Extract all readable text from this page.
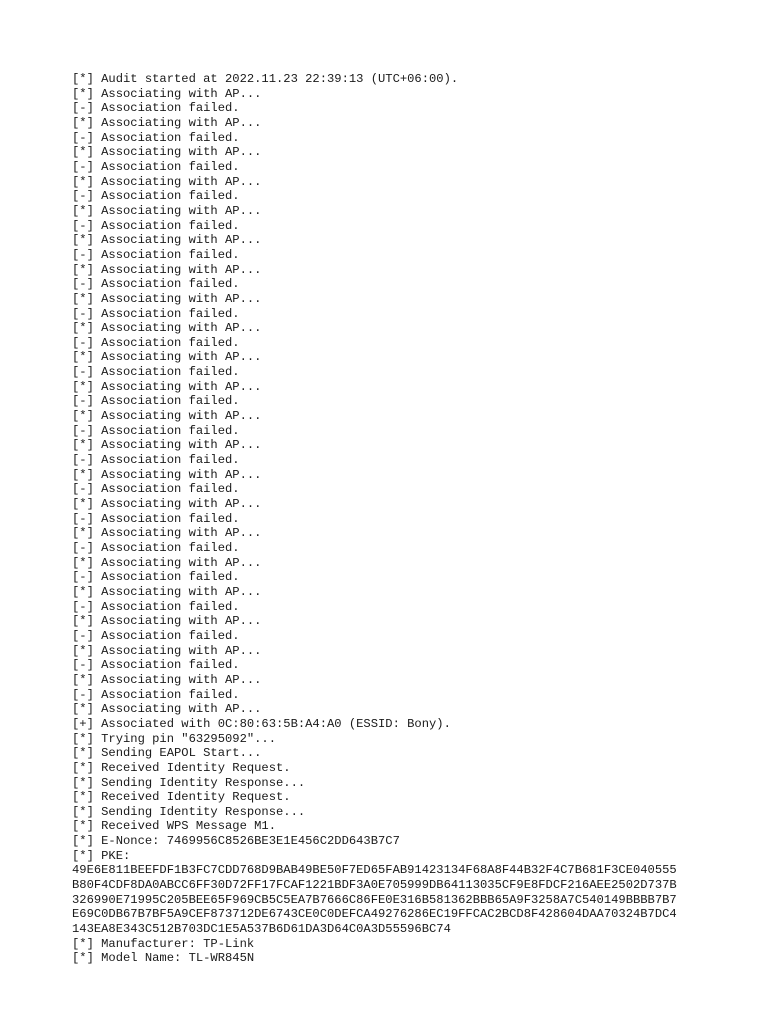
[*] Audit started at 2022.11.23 22:39:13 (UTC+06:00).
[*] Associating with AP...
[-] Association failed.
[*] Associating with AP...
[-] Association failed.
[*] Associating with AP...
[-] Association failed.
[*] Associating with AP...
[-] Association failed.
[*] Associating with AP...
[-] Association failed.
[*] Associating with AP...
[-] Association failed.
[*] Associating with AP...
[-] Association failed.
[*] Associating with AP...
[-] Association failed.
[*] Associating with AP...
[-] Association failed.
[*] Associating with AP...
[-] Association failed.
[*] Associating with AP...
[-] Association failed.
[*] Associating with AP...
[-] Association failed.
[*] Associating with AP...
[-] Association failed.
[*] Associating with AP...
[-] Association failed.
[*] Associating with AP...
[-] Association failed.
[*] Associating with AP...
[-] Association failed.
[*] Associating with AP...
[-] Association failed.
[*] Associating with AP...
[-] Association failed.
[*] Associating with AP...
[-] Association failed.
[*] Associating with AP...
[-] Association failed.
[*] Associating with AP...
[-] Association failed.
[*] Associating with AP...
[+] Associated with 0C:80:63:5B:A4:A0 (ESSID: Bony).
[*] Trying pin "63295092"...
[*] Sending EAPOL Start...
[*] Received Identity Request.
[*] Sending Identity Response...
[*] Received Identity Request.
[*] Sending Identity Response...
[*] Received WPS Message M1.
[*] E-Nonce: 7469956C8526BE3E1E456C2DD643B7C7
[*] PKE:
49E6E811BEEFDF1B3FC7CDD768D9BAB49BE50F7ED65FAB91423134F68A8F44B32F4C7B681F3CE040555
B80F4CDF8DA0ABCC6FF30D72FF17FCAF1221BDF3A0E705999DB64113035CF9E8FDCF216AEE2502D737B
326990E71995C205BEE65F969CB5C5EA7B7666C86FE0E316B581362BBB65A9F3258A7C540149BBBB7B7
E69C0DB67B7BF5A9CEF873712DE6743CE0C0DEFCA49276286EC19FFCAC2BCD8F428604DAA70324B7DC4
143EA8E343C512B703DC1E5A537B6D61DA3D64C0A3D55596BC74
[*] Manufacturer: TP-Link
[*] Model Name: TL-WR845N
